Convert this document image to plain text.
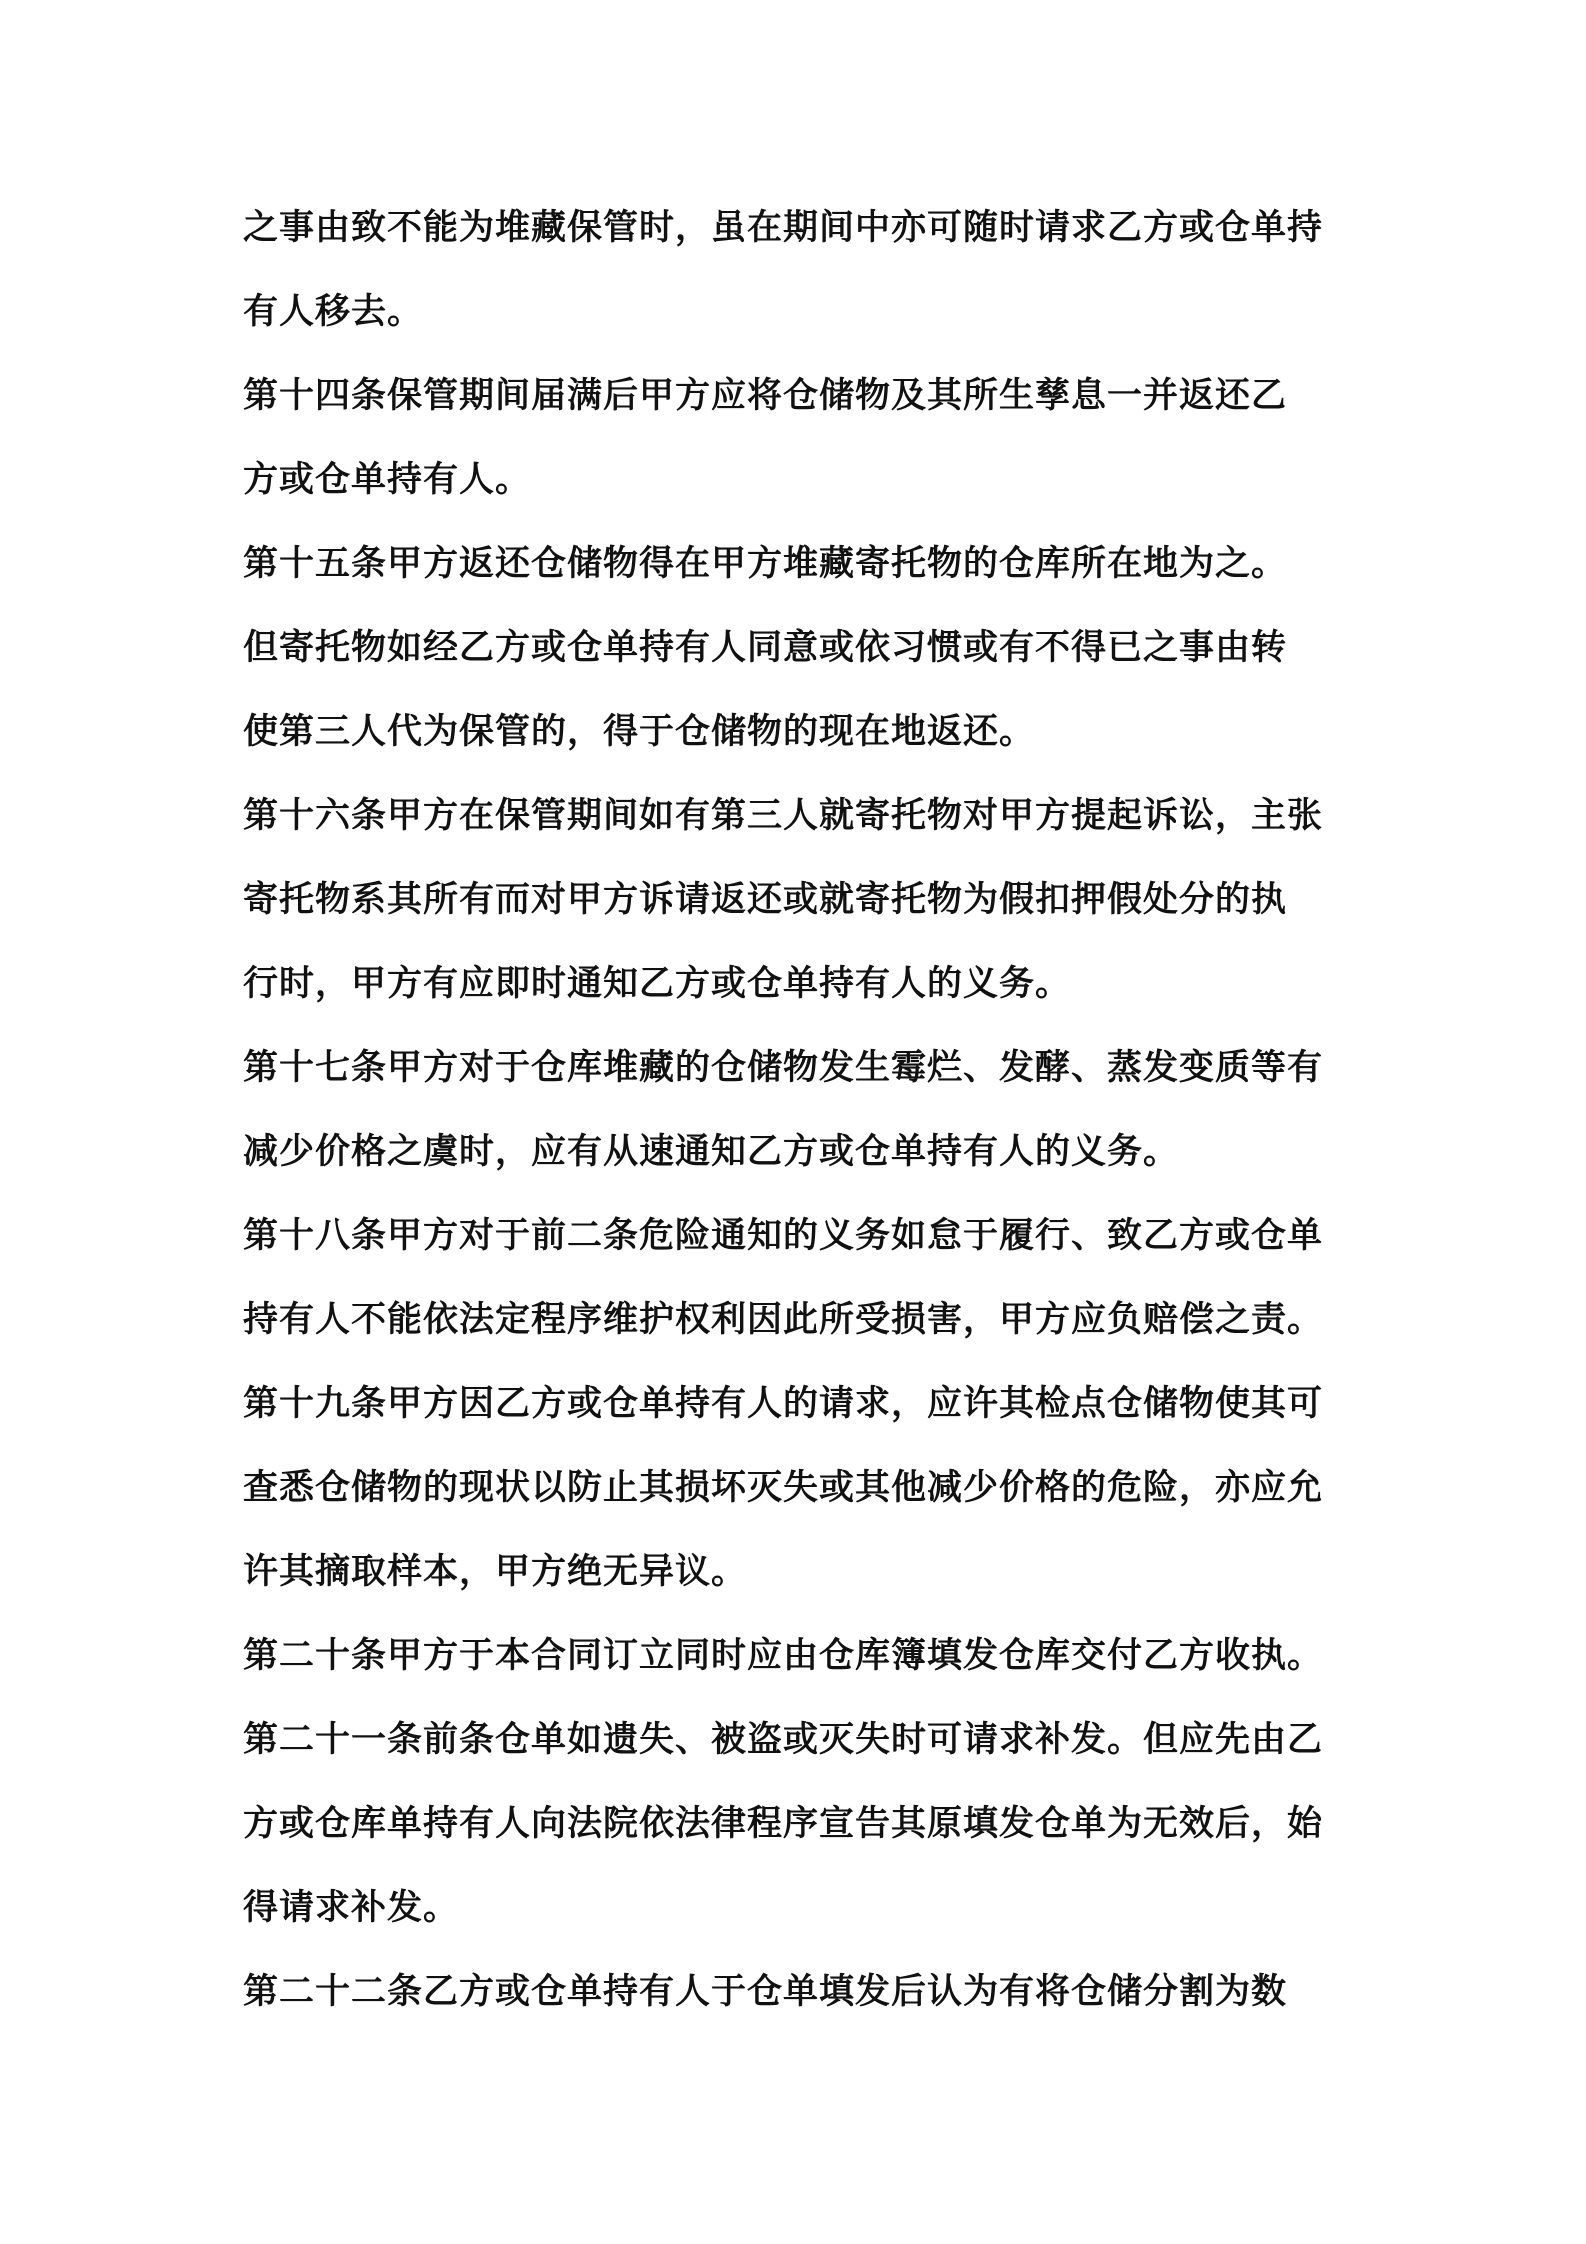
之事由致不能为堆藏保管时，虽在期间中亦可随时请求乙方或仓单持
有人移去。
第十四条保管期间届满后甲方应将仓储物及其所生孳息一并返还乙
方或仓单持有人。
第十五条甲方返还仓储物得在甲方堆藏寄托物的仓库所在地为之。
但寄托物如经乙方或仓单持有人同意或依习惯或有不得已之事由转
使第三人代为保管的，得于仓储物的现在地返还。
第十六条甲方在保管期间如有第三人就寄托物对甲方提起诉讼，主张
寄托物系其所有而对甲方诉请返还或就寄托物为假扣押假处分的执
行时，甲方有应即时通知乙方或仓单持有人的义务。
第十七条甲方对于仓库堆藏的仓储物发生霉烂、发酵、蒸发变质等有
减少价格之虞时，应有从速通知乙方或仓单持有人的义务。
第十八条甲方对于前二条危险通知的义务如怠于履行、致乙方或仓单
持有人不能依法定程序维护权利因此所受损害，甲方应负赔偿之责。
第十九条甲方因乙方或仓单持有人的请求，应许其检点仓储物使其可
查悉仓储物的现状以防止其损坏灭失或其他减少价格的危险，亦应允
许其摘取样本，甲方绝无异议。
第二十条甲方于本合同订立同时应由仓库簿填发仓库交付乙方收执。
第二十一条前条仓单如遗失、被盗或灭失时可请求补发。但应先由乙
方或仓库单持有人向法院依法律程序宣告其原填发仓单为无效后，始
得请求补发。
第二十二条乙方或仓单持有人于仓单填发后认为有将仓储分割为数
